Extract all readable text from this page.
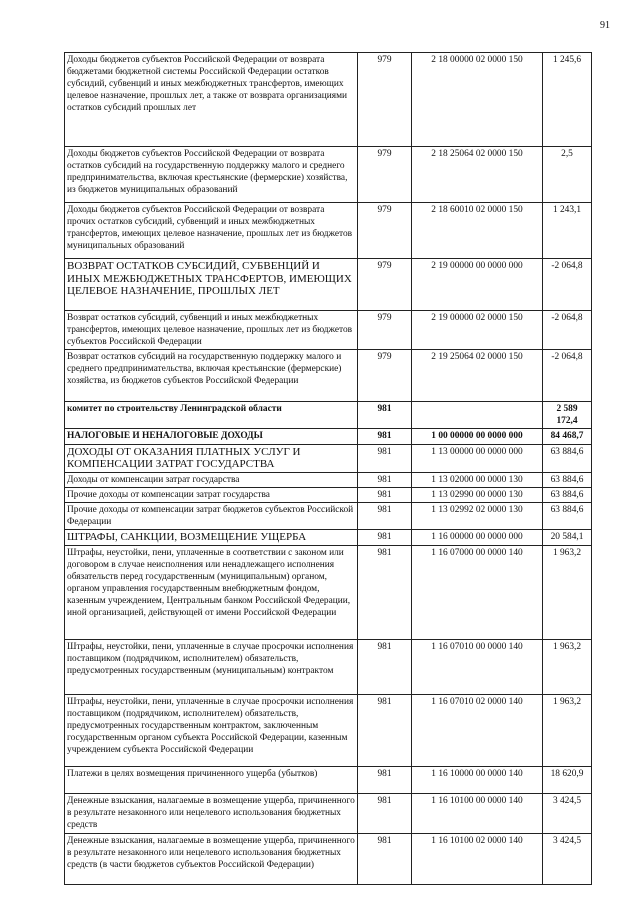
91
Доходы бюджетов субъектов Российской Федерации от возврата бюджетами бюджетной системы Российской Федерации остатков субсидий, субвенций и иных межбюджетных трансфертов, имеющих целевое назначение, прошлых лет, а также от возврата организациями остатков субсидий прошлых лет	979	2 18 00000 02 0000 150	1 245,6
Доходы бюджетов субъектов Российской Федерации от возврата остатков субсидий на государственную поддержку малого и среднего предпринимательства, включая крестьянские (фермерские) хозяйства, из бюджетов муниципальных образований	979	2 18 25064 02 0000 150	2,5
Доходы бюджетов субъектов Российской Федерации от возврата прочих остатков субсидий, субвенций и иных межбюджетных трансфертов, имеющих целевое назначение, прошлых лет из бюджетов муниципальных образований	979	2 18 60010 02 0000 150	1 243,1
ВОЗВРАТ ОСТАТКОВ СУБСИДИЙ, СУБВЕНЦИЙ И ИНЫХ МЕЖБЮДЖЕТНЫХ ТРАНСФЕРТОВ, ИМЕЮЩИХ ЦЕЛЕВОЕ НАЗНАЧЕНИЕ, ПРОШЛЫХ ЛЕТ	979	2 19 00000 00 0000 000	-2 064,8
Возврат остатков субсидий, субвенций и иных межбюджетных трансфертов, имеющих целевое назначение, прошлых лет из бюджетов субъектов Российской Федерации	979	2 19 00000 02 0000 150	-2 064,8
Возврат остатков субсидий на государственную поддержку малого и среднего предпринимательства, включая крестьянские (фермерские) хозяйства, из бюджетов субъектов Российской Федерации	979	2 19 25064 02 0000 150	-2 064,8
комитет по строительству Ленинградской области	981		2 589 172,4
НАЛОГОВЫЕ И НЕНАЛОГОВЫЕ ДОХОДЫ	981	1 00 00000 00 0000 000	84 468,7
ДОХОДЫ ОТ ОКАЗАНИЯ ПЛАТНЫХ УСЛУГ И КОМПЕНСАЦИИ ЗАТРАТ ГОСУДАРСТВА	981	1 13 00000 00 0000 000	63 884,6
Доходы от компенсации затрат государства	981	1 13 02000 00 0000 130	63 884,6
Прочие доходы от компенсации затрат государства	981	1 13 02990 00 0000 130	63 884,6
Прочие доходы от компенсации затрат бюджетов субъектов Российской Федерации	981	1 13 02992 02 0000 130	63 884,6
ШТРАФЫ, САНКЦИИ, ВОЗМЕЩЕНИЕ УЩЕРБА	981	1 16 00000 00 0000 000	20 584,1
Штрафы, неустойки, пени, уплаченные в соответствии с законом или договором в случае неисполнения или ненадлежащего исполнения обязательств перед государственным (муниципальным) органом, органом управления государственным внебюджетным фондом, казенным учреждением, Центральным банком Российской Федерации, иной организацией, действующей от имени Российской Федерации	981	1 16 07000 00 0000 140	1 963,2
Штрафы, неустойки, пени, уплаченные в случае просрочки исполнения поставщиком (подрядчиком, исполнителем) обязательств, предусмотренных государственным (муниципальным) контрактом	981	1 16 07010 00 0000 140	1 963,2
Штрафы, неустойки, пени, уплаченные в случае просрочки исполнения поставщиком (подрядчиком, исполнителем) обязательств, предусмотренных государственным контрактом, заключенным государственным органом субъекта Российской Федерации, казенным учреждением субъекта Российской Федерации	981	1 16 07010 02 0000 140	1 963,2
Платежи в целях возмещения причиненного ущерба (убытков)	981	1 16 10000 00 0000 140	18 620,9
Денежные взыскания, налагаемые в возмещение ущерба, причиненного в результате незаконного или нецелевого использования бюджетных средств	981	1 16 10100 00 0000 140	3 424,5
Денежные взыскания, налагаемые в возмещение ущерба, причиненного в результате незаконного или нецелевого использования бюджетных средств (в части бюджетов субъектов Российской Федерации)	981	1 16 10100 02 0000 140	3 424,5
